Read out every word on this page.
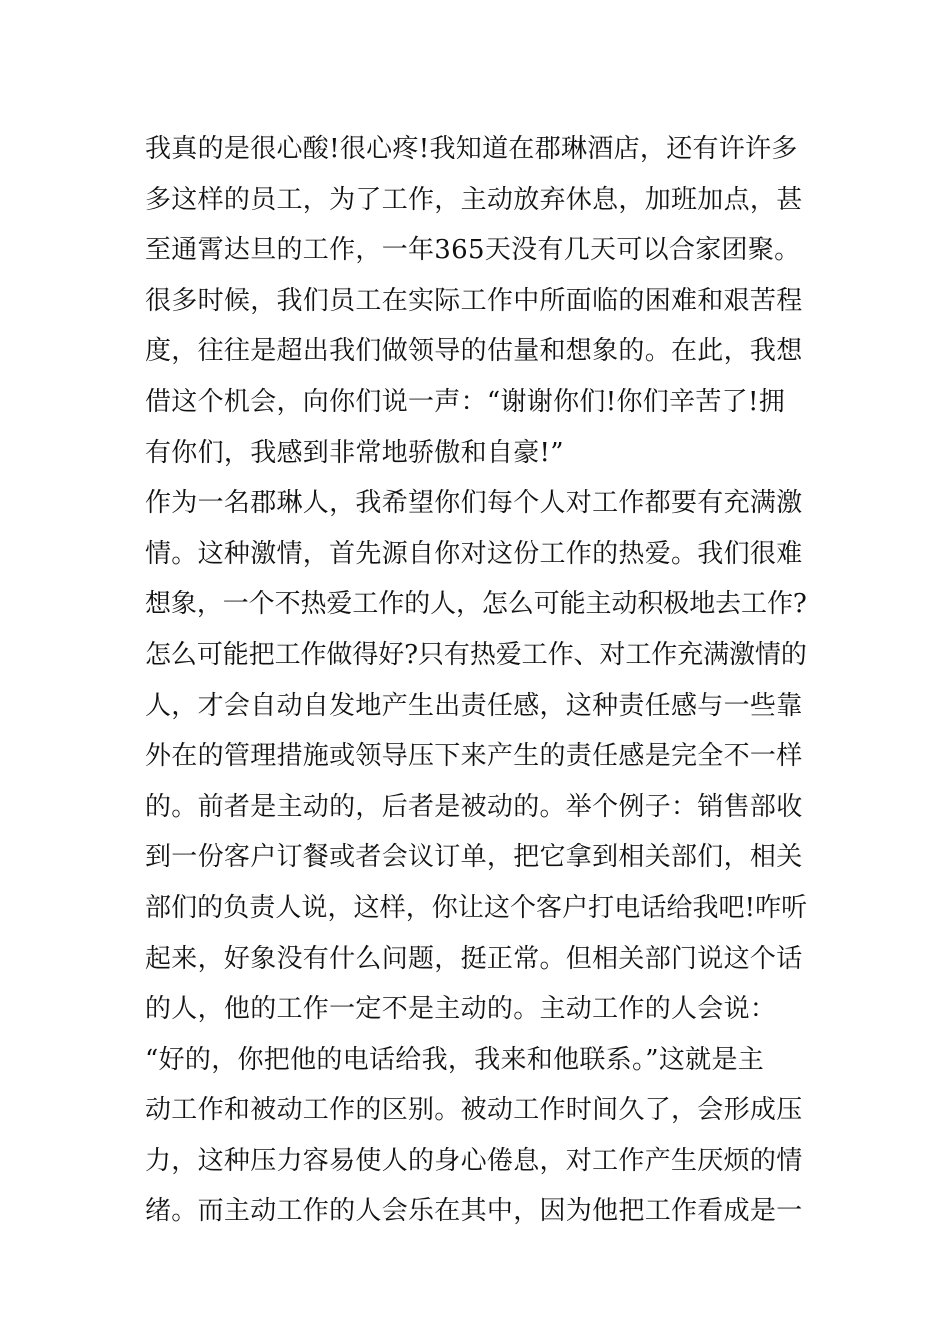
我真的是很心酸!很心疼!我知道在郡琳酒店，还有许许多
多这样的员工，为了工作，主动放弃休息，加班加点，甚
至通霄达旦的工作，一年365天没有几天可以合家团聚。
很多时候，我们员工在实际工作中所面临的困难和艰苦程
度，往往是超出我们做领导的估量和想象的。在此，我想
借这个机会，向你们说一声：“谢谢你们!你们辛苦了!拥
有你们，我感到非常地骄傲和自豪!”
作为一名郡琳人，我希望你们每个人对工作都要有充满激
情。这种激情，首先源自你对这份工作的热爱。我们很难
想象，一个不热爱工作的人，怎么可能主动积极地去工作?
怎么可能把工作做得好?只有热爱工作、对工作充满激情的
人，才会自动自发地产生出责任感，这种责任感与一些靠
外在的管理措施或领导压下来产生的责任感是完全不一样
的。前者是主动的，后者是被动的。举个例子：销售部收
到一份客户订餐或者会议订单，把它拿到相关部们，相关
部们的负责人说，这样，你让这个客户打电话给我吧!咋听
起来，好象没有什么问题，挺正常。但相关部门说这个话
的人，他的工作一定不是主动的。主动工作的人会说：
“好的，你把他的电话给我，我来和他联系。”这就是主
动工作和被动工作的区别。被动工作时间久了，会形成压
力，这种压力容易使人的身心倦息，对工作产生厌烦的情
绪。而主动工作的人会乐在其中，因为他把工作看成是一
